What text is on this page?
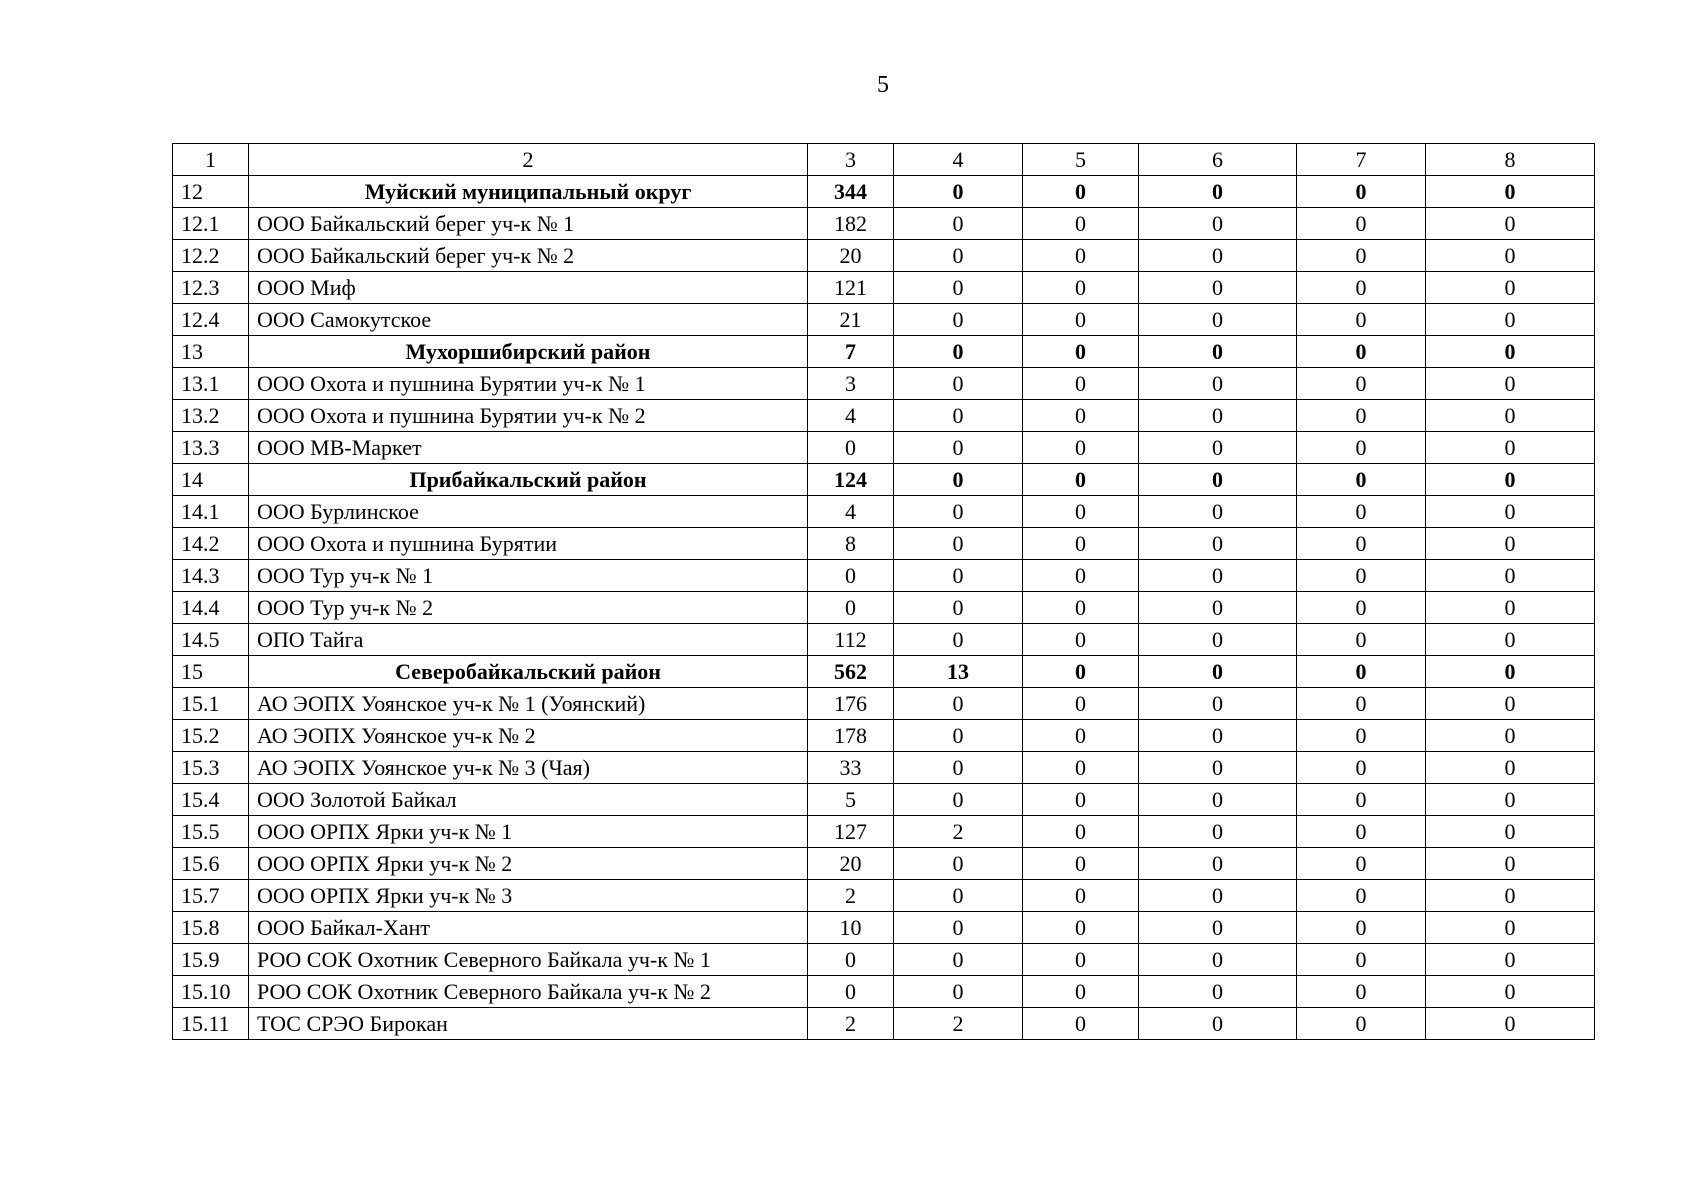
5
1	2	3	4	5	6	7	8
12	Муйский муниципальный округ	344	0	0	0	0	0
12.1	ООО Байкальский берег уч-к № 1	182	0	0	0	0	0
12.2	ООО Байкальский берег уч-к № 2	20	0	0	0	0	0
12.3	ООО Миф	121	0	0	0	0	0
12.4	ООО Самокутское	21	0	0	0	0	0
13	Мухоршибирский район	7	0	0	0	0	0
13.1	ООО Охота и пушнина Бурятии уч-к № 1	3	0	0	0	0	0
13.2	ООО Охота и пушнина Бурятии уч-к № 2	4	0	0	0	0	0
13.3	ООО МВ-Маркет	0	0	0	0	0	0
14	Прибайкальский район	124	0	0	0	0	0
14.1	ООО Бурлинское	4	0	0	0	0	0
14.2	ООО Охота и пушнина Бурятии	8	0	0	0	0	0
14.3	ООО Тур уч-к № 1	0	0	0	0	0	0
14.4	ООО Тур уч-к № 2	0	0	0	0	0	0
14.5	ОПО Тайга	112	0	0	0	0	0
15	Северобайкальский район	562	13	0	0	0	0
15.1	АО ЭОПХ Уоянское уч-к № 1 (Уоянский)	176	0	0	0	0	0
15.2	АО ЭОПХ Уоянское уч-к № 2	178	0	0	0	0	0
15.3	АО ЭОПХ Уоянское уч-к № 3 (Чая)	33	0	0	0	0	0
15.4	ООО Золотой Байкал	5	0	0	0	0	0
15.5	ООО ОРПХ Ярки уч-к № 1	127	2	0	0	0	0
15.6	ООО ОРПХ Ярки уч-к № 2	20	0	0	0	0	0
15.7	ООО ОРПХ Ярки уч-к № 3	2	0	0	0	0	0
15.8	ООО Байкал-Хант	10	0	0	0	0	0
15.9	РОО СОК Охотник Северного Байкала уч-к № 1	0	0	0	0	0	0
15.10	РОО СОК Охотник Северного Байкала уч-к № 2	0	0	0	0	0	0
15.11	ТОС СРЭО Бирокан	2	2	0	0	0	0
